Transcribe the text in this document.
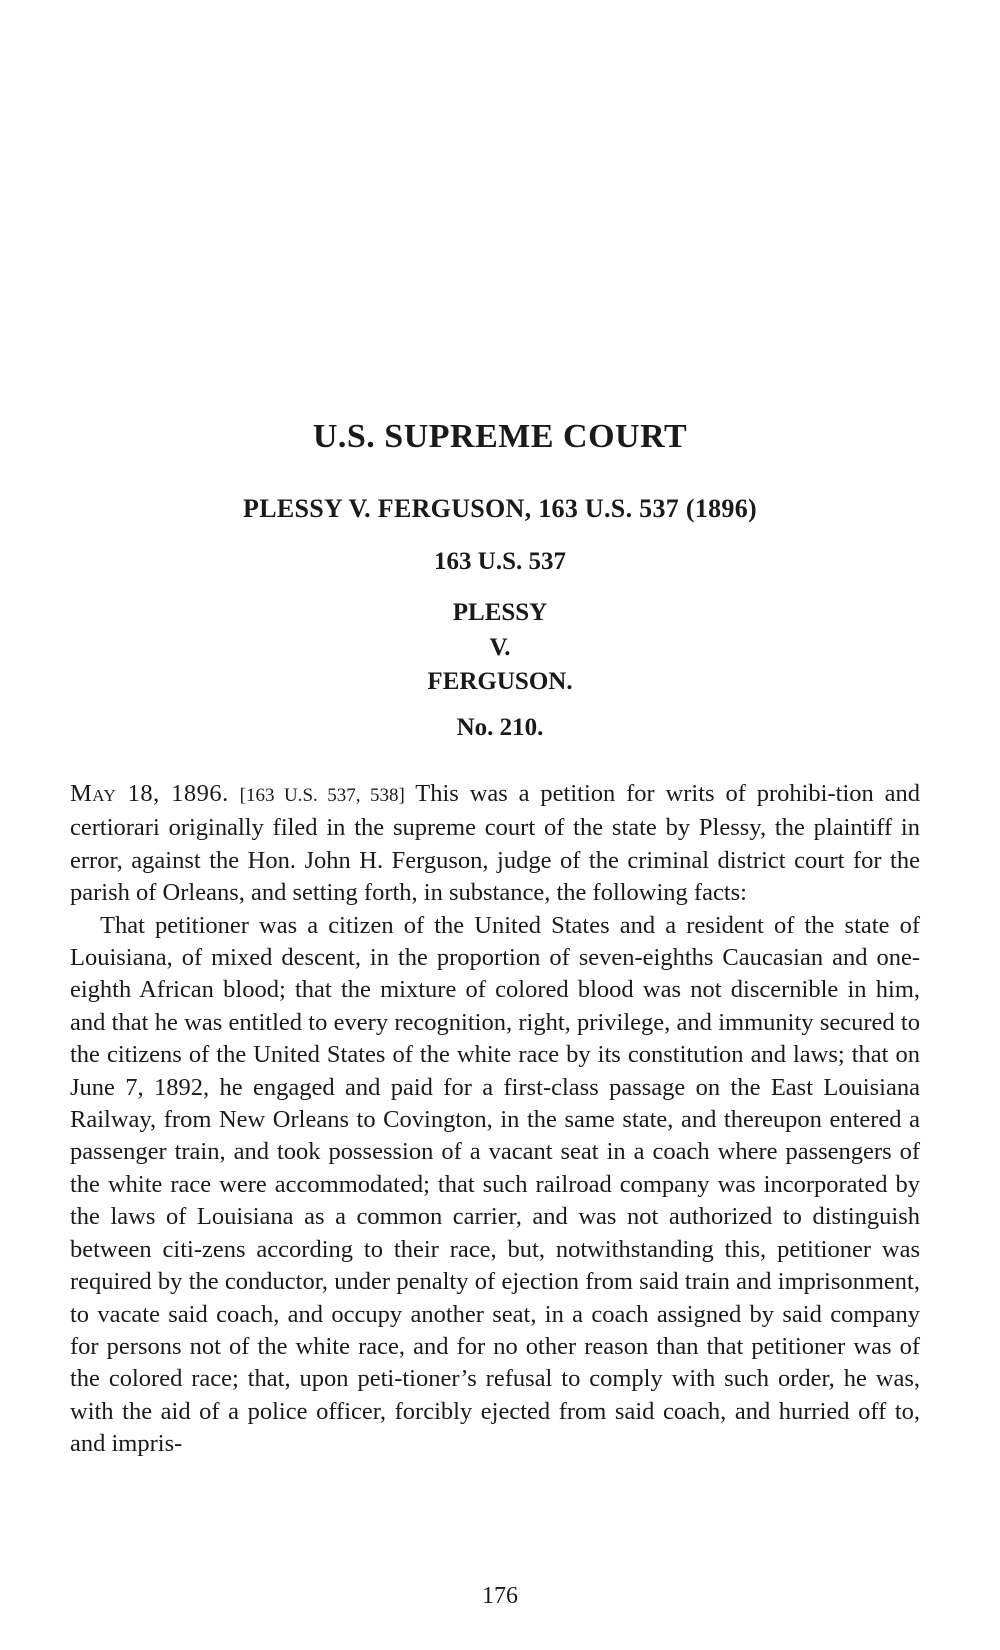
U.S. SUPREME COURT
PLESSY V. FERGUSON, 163 U.S. 537 (1896)
163 U.S. 537
PLESSY
V.
FERGUSON.
No. 210.

May 18, 1896. [163 U.S. 537, 538] This was a petition for writs of prohibi-tion and certiorari originally filed in the supreme court of the state by Plessy, the plaintiff in error, against the Hon. John H. Ferguson, judge of the criminal district court for the parish of Orleans, and setting forth, in substance, the following facts:

That petitioner was a citizen of the United States and a resident of the state of Louisiana, of mixed descent, in the proportion of seven-eighths Caucasian and one-eighth African blood; that the mixture of colored blood was not discernible in him, and that he was entitled to every recognition, right, privilege, and immunity secured to the citizens of the United States of the white race by its constitution and laws; that on June 7, 1892, he engaged and paid for a first-class passage on the East Louisiana Railway, from New Orleans to Covington, in the same state, and thereupon entered a passenger train, and took possession of a vacant seat in a coach where passengers of the white race were accommodated; that such railroad company was incorporated by the laws of Louisiana as a common carrier, and was not authorized to distinguish between citi-zens according to their race, but, notwithstanding this, petitioner was required by the conductor, under penalty of ejection from said train and imprisonment, to vacate said coach, and occupy another seat, in a coach assigned by said company for persons not of the white race, and for no other reason than that petitioner was of the colored race; that, upon peti-tioner’s refusal to comply with such order, he was, with the aid of a police officer, forcibly ejected from said coach, and hurried off to, and impris-

176
